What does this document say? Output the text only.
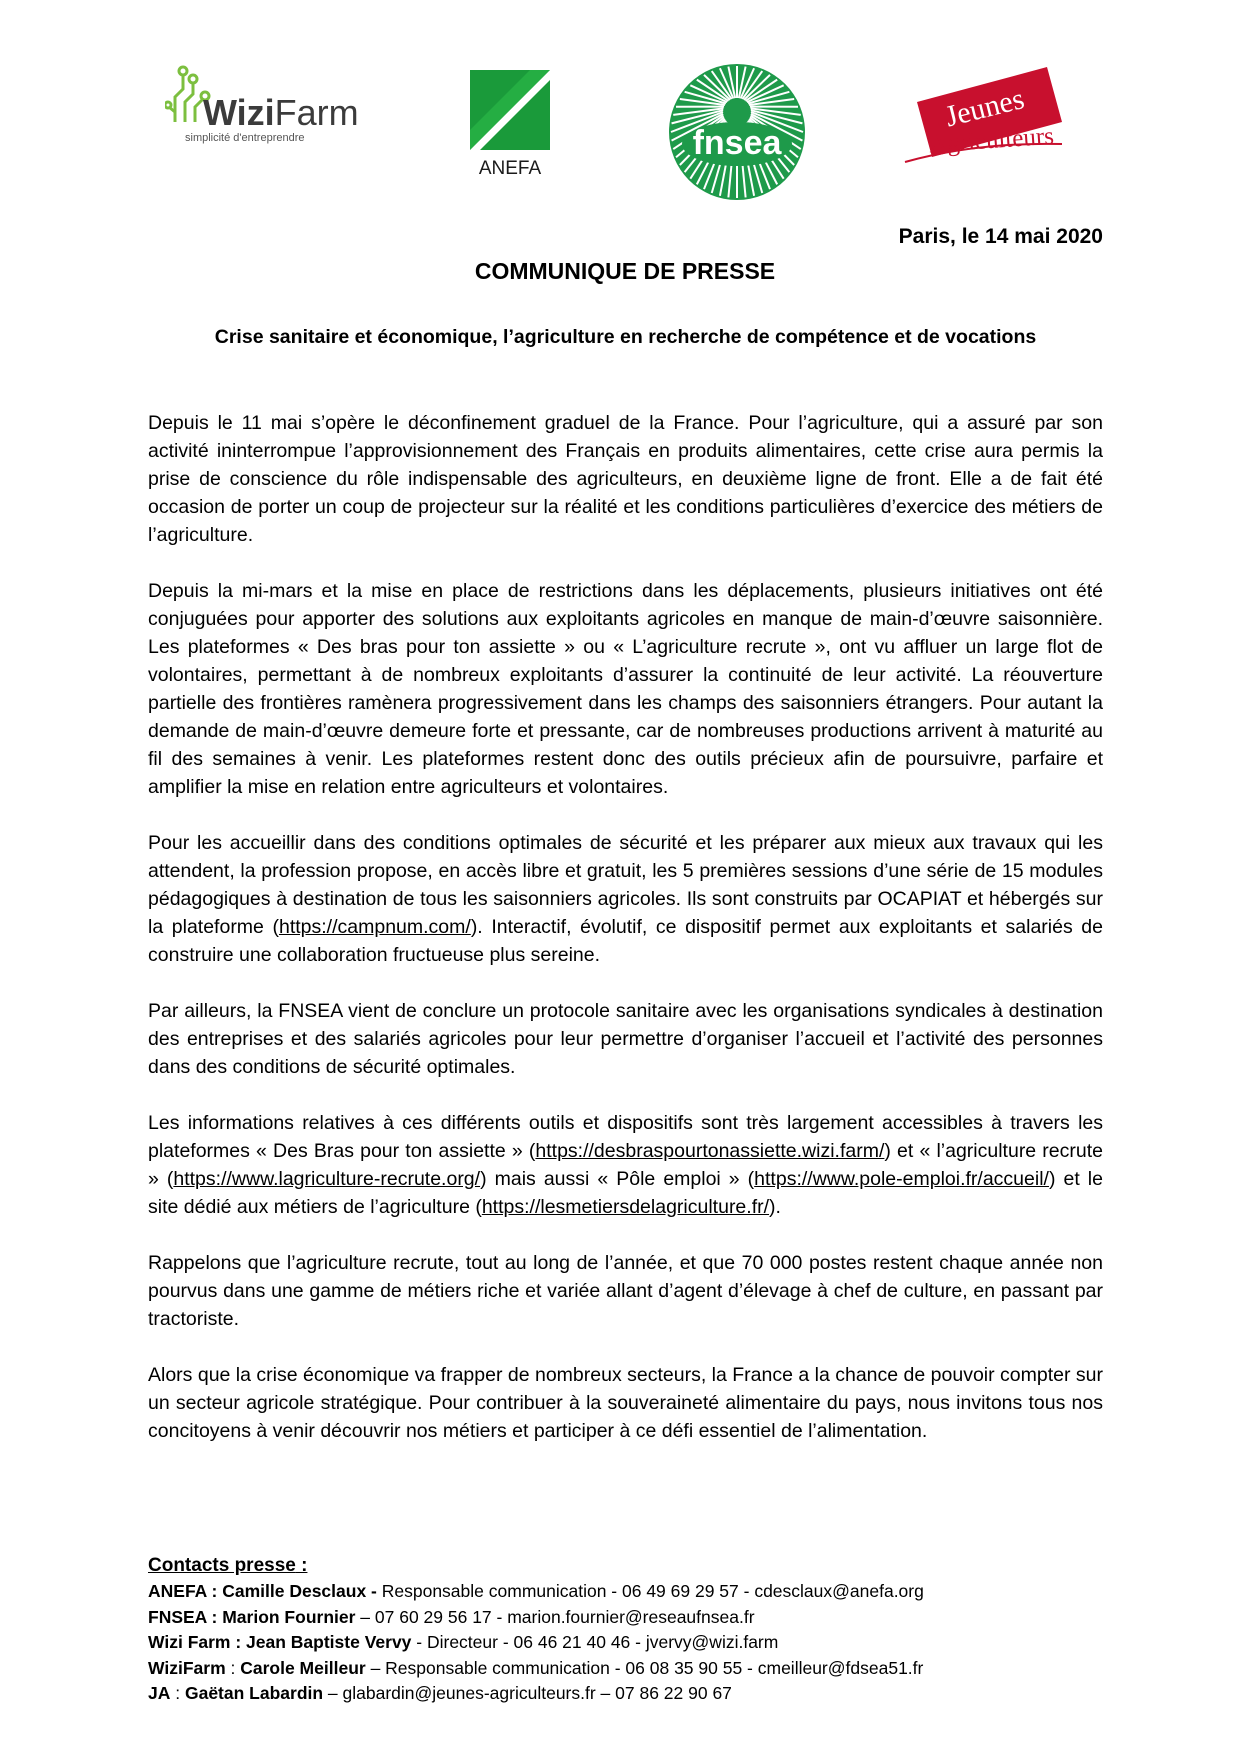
WiziFarm
simplicité d'entreprendre
ANEFA
fnsea
Jeunes
Agriculteurs
Paris, le 14 mai 2020
COMMUNIQUE DE PRESSE
Crise sanitaire et économique, l’agriculture en recherche de compétence et de vocations

Depuis le 11 mai s’opère le déconfinement graduel de la France. Pour l’agriculture, qui a assuré par son activité ininterrompue l’approvisionnement des Français en produits alimentaires, cette crise aura permis la prise de conscience du rôle indispensable des agriculteurs, en deuxième ligne de front. Elle a de fait été occasion de porter un coup de projecteur sur la réalité et les conditions particulières d’exercice des métiers de l’agriculture.

Depuis la mi-mars et la mise en place de restrictions dans les déplacements, plusieurs initiatives ont été conjuguées pour apporter des solutions aux exploitants agricoles en manque de main-d’œuvre saisonnière. Les plateformes « Des bras pour ton assiette » ou « L’agriculture recrute », ont vu affluer un large flot de volontaires, permettant à de nombreux exploitants d’assurer la continuité de leur activité. La réouverture partielle des frontières ramènera progressivement dans les champs des saisonniers étrangers. Pour autant la demande de main-d’œuvre demeure forte et pressante, car de nombreuses productions arrivent à maturité au fil des semaines à venir. Les plateformes restent donc des outils précieux afin de poursuivre, parfaire et amplifier la mise en relation entre agriculteurs et volontaires.

Pour les accueillir dans des conditions optimales de sécurité et les préparer aux mieux aux travaux qui les attendent, la profession propose, en accès libre et gratuit, les 5 premières sessions d’une série de 15 modules pédagogiques à destination de tous les saisonniers agricoles. Ils sont construits par OCAPIAT et hébergés sur la plateforme (https://campnum.com/). Interactif, évolutif, ce dispositif permet aux exploitants et salariés de construire une collaboration fructueuse plus sereine.

Par ailleurs, la FNSEA vient de conclure un protocole sanitaire avec les organisations syndicales à destination des entreprises et des salariés agricoles pour leur permettre d’organiser l’accueil et l’activité des personnes dans des conditions de sécurité optimales.

Les informations relatives à ces différents outils et dispositifs sont très largement accessibles à travers les plateformes « Des Bras pour ton assiette » (https://desbraspourtonassiette.wizi.farm/) et « l’agriculture recrute » (https://www.lagriculture-recrute.org/) mais aussi « Pôle emploi » (https://www.pole-emploi.fr/accueil/) et le site dédié aux métiers de l’agriculture (https://lesmetiersdelagriculture.fr/).

Rappelons que l’agriculture recrute, tout au long de l’année, et que 70 000 postes restent chaque année non pourvus dans une gamme de métiers riche et variée allant d’agent d’élevage à chef de culture, en passant par tractoriste.

Alors que la crise économique va frapper de nombreux secteurs, la France a la chance de pouvoir compter sur un secteur agricole stratégique. Pour contribuer à la souveraineté alimentaire du pays, nous invitons tous nos concitoyens à venir découvrir nos métiers et participer à ce défi essentiel de l’alimentation.

Contacts presse :
ANEFA : Camille Desclaux - Responsable communication - 06 49 69 29 57 - cdesclaux@anefa.org
FNSEA : Marion Fournier – 07 60 29 56 17 - marion.fournier@reseaufnsea.fr
Wizi Farm : Jean Baptiste Vervy - Directeur - 06 46 21 40 46 - jvervy@wizi.farm
WiziFarm : Carole Meilleur – Responsable communication - 06 08 35 90 55 - cmeilleur@fdsea51.fr
JA : Gaëtan Labardin – glabardin@jeunes-agriculteurs.fr – 07 86 22 90 67
